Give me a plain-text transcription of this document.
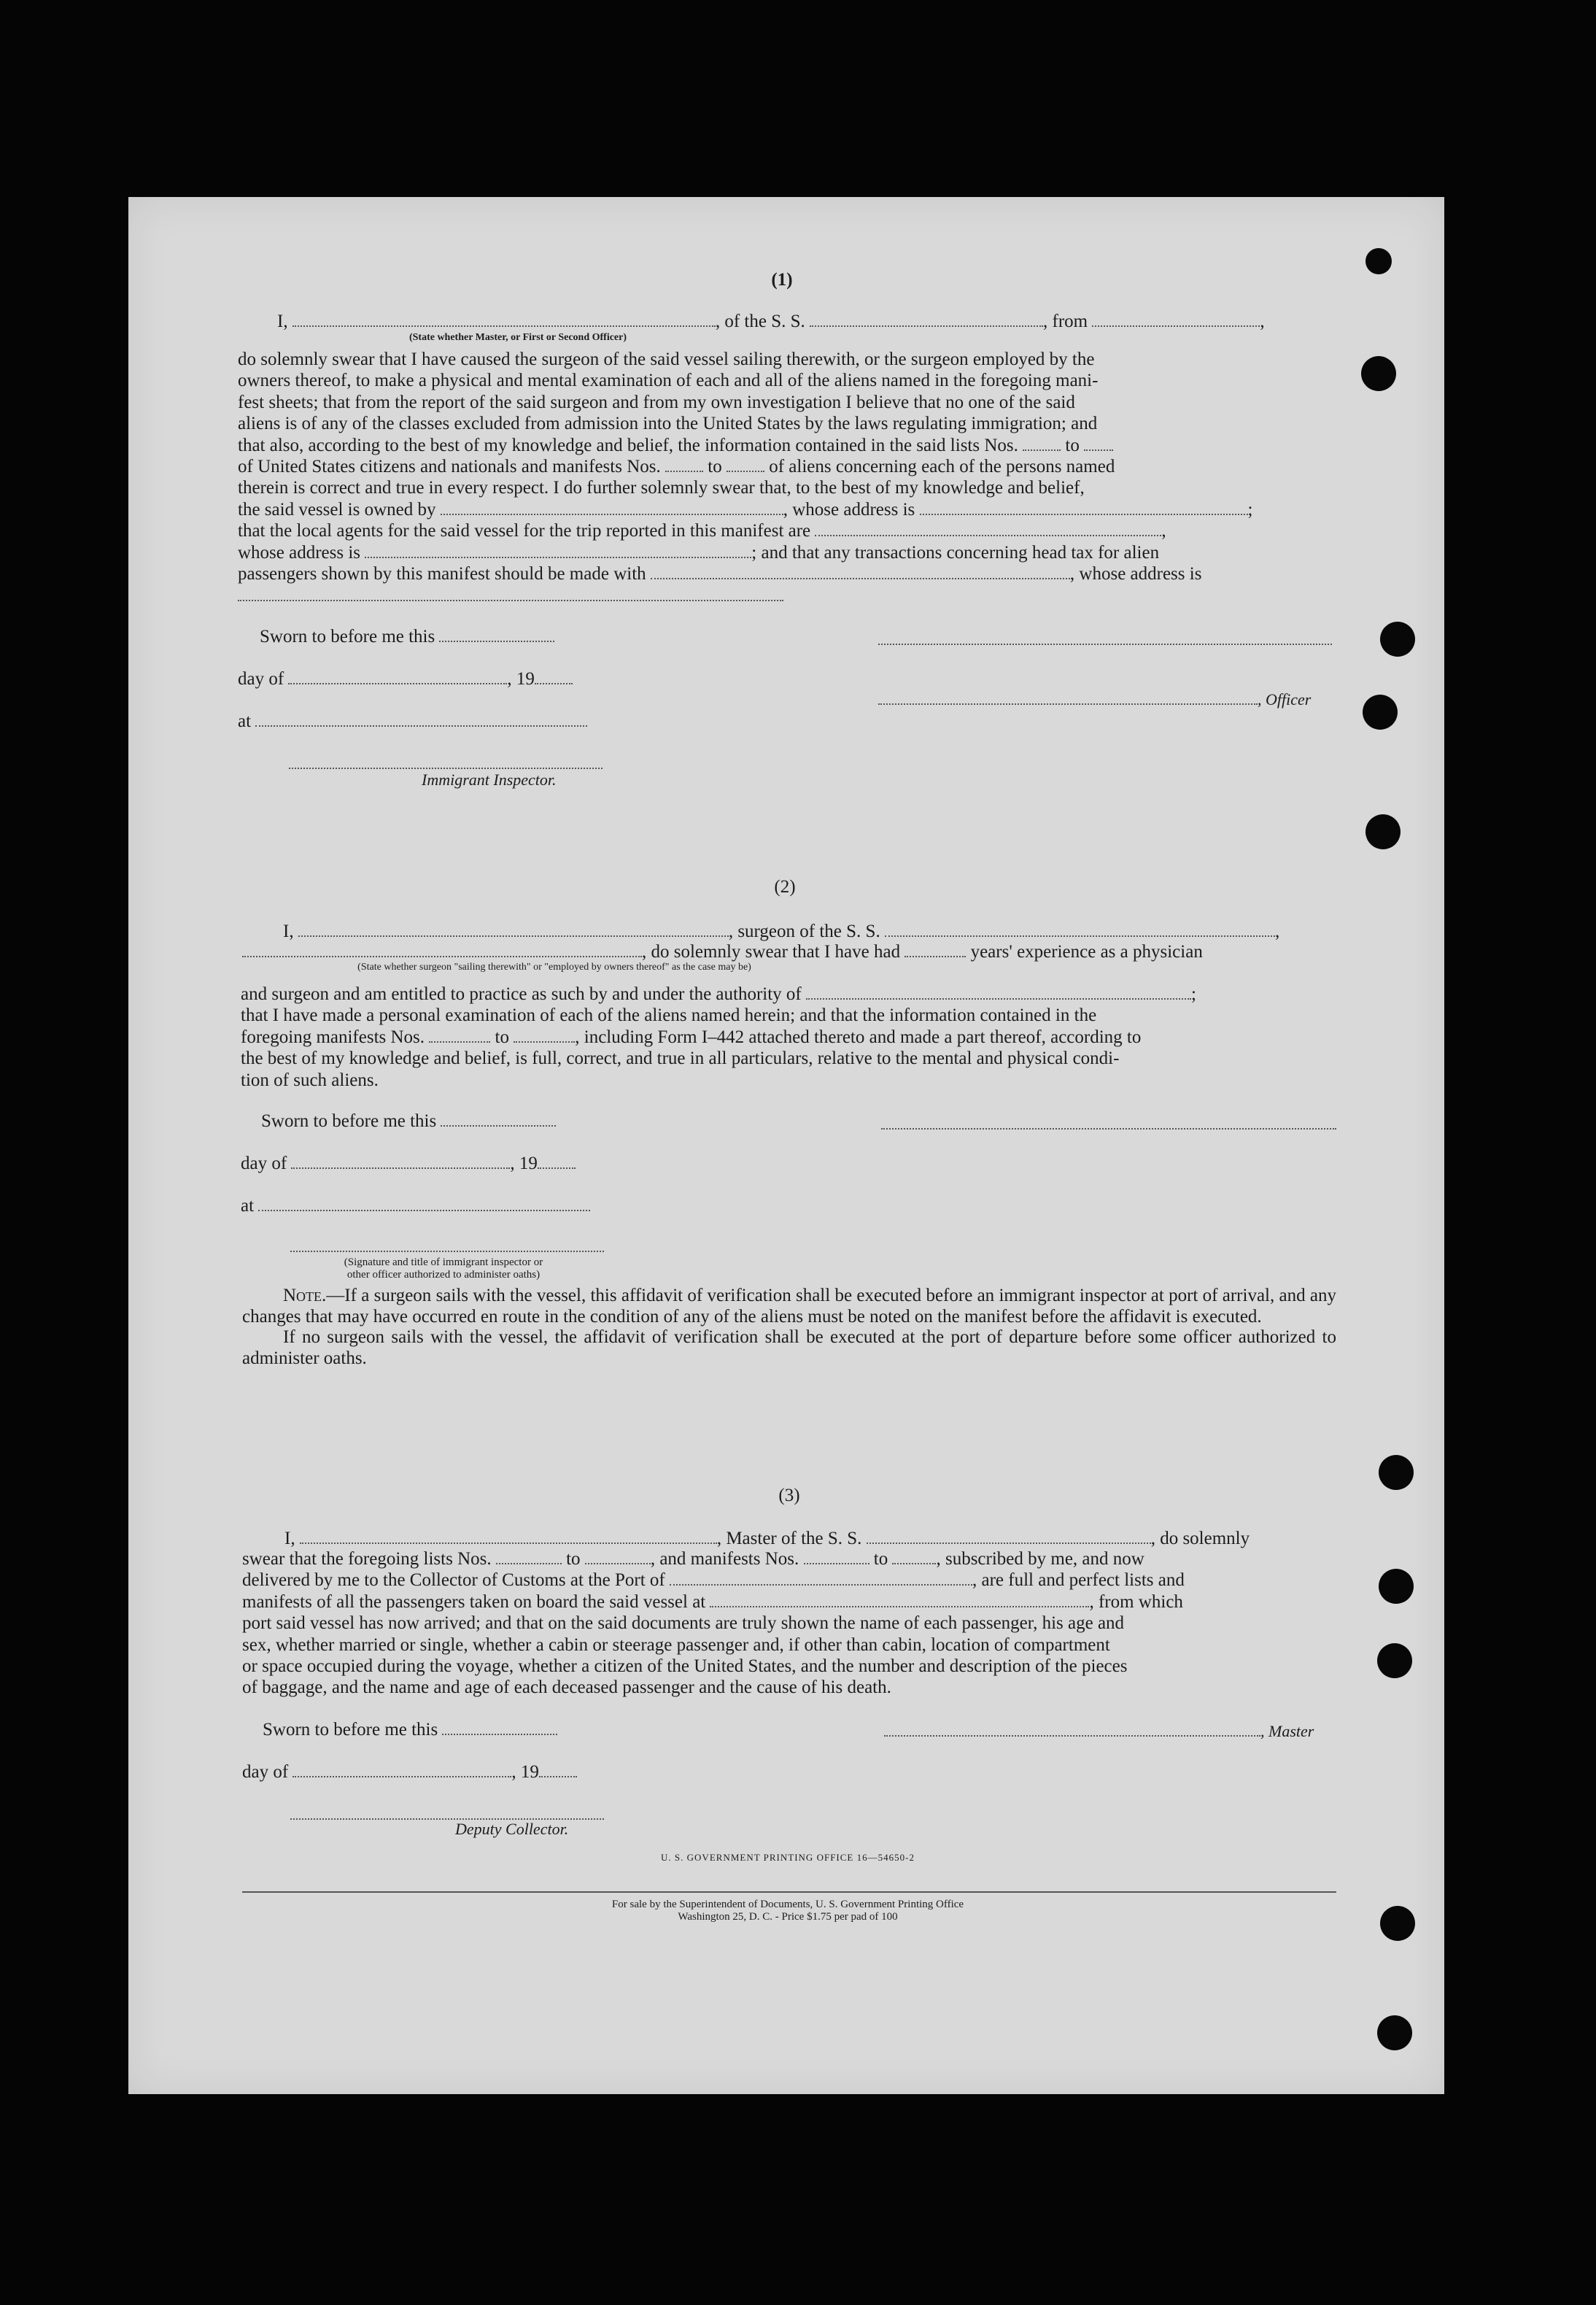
(1)
I,	, of the S. S.	, from	,
(State whether Master, or First or Second Officer)

do solemnly swear that I have caused the surgeon of the said vessel sailing therewith, or the surgeon employed by the

owners thereof, to make a physical and mental examination of each and all of the aliens named in the foregoing mani-

fest sheets; that from the report of the said surgeon and from my own investigation I believe that no one of the said

aliens is of any of the classes excluded from admission into the United States by the laws regulating immigration; and

that also, according to the best of my knowledge and belief, the information contained in the said lists Nos.	to

of United States citizens and nationals and manifests Nos.	to	of aliens concerning each of the persons named

therein is correct and true in every respect. I do further solemnly swear that, to the best of my knowledge and belief,

the said vessel is owned by	, whose address is	;

that the local agents for the said vessel for the trip reported in this manifest are	,

whose address is	; and that any transactions concerning head tax for alien

passengers shown by this manifest should be made with	, whose address is

Sworn to before me this
day of	, 19
, Officer
at
Immigrant Inspector.
(2)
I,	, surgeon of the S. S.	,
, do solemnly swear that I have had	years' experience as a physician
(State whether surgeon "sailing therewith" or "employed by owners thereof" as the case may be)

and surgeon and am entitled to practice as such by and under the authority of	;

that I have made a personal examination of each of the aliens named herein; and that the information contained in the

foregoing manifests Nos.	to	, including Form I–442 attached thereto and made a part thereof, according to

the best of my knowledge and belief, is full, correct, and true in all particulars, relative to the mental and physical condi-

tion of such aliens.

Sworn to before me this
day of	, 19
at
(Signature and title of immigrant inspector or
other officer authorized to administer oaths)
Note.—If a surgeon sails with the vessel, this affidavit of verification shall be executed before an immigrant inspector at port of arrival, and any changes that may have occurred en route in the condition of any of the aliens must be noted on the manifest before the affidavit is executed.
If no surgeon sails with the vessel, the affidavit of verification shall be executed at the port of departure before some officer authorized to administer oaths.
(3)
I,	, Master of the S. S.	, do solemnly

swear that the foregoing lists Nos.	to	, and manifests Nos.	to	, subscribed by me, and now

delivered by me to the Collector of Customs at the Port of	, are full and perfect lists and

manifests of all the passengers taken on board the said vessel at	, from which

port said vessel has now arrived; and that on the said documents are truly shown the name of each passenger, his age and

sex, whether married or single, whether a cabin or steerage passenger and, if other than cabin, location of compartment

or space occupied during the voyage, whether a citizen of the United States, and the number and description of the pieces

of baggage, and the name and age of each deceased passenger and the cause of his death.

Sworn to before me this	, Master
day of	, 19
Deputy Collector.
U. S. GOVERNMENT PRINTING OFFICE 16—54650-2
For sale by the Superintendent of Documents, U. S. Government Printing Office
Washington 25, D. C. - Price $1.75 per pad of 100
